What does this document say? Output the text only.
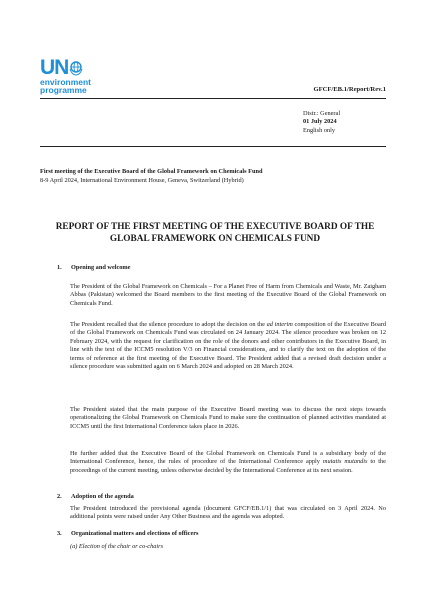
UN
environment
programme	GFCF/EB.1/Report/Rev.1
Distr.: General
01 July 2024
English only
First meeting of the Executive Board of the Global Framework on Chemicals Fund
8-9 April 2024, International Environment House, Geneva, Switzerland (Hybrid)
REPORT OF THE FIRST MEETING OF THE EXECUTIVE BOARD OF THE
GLOBAL FRAMEWORK ON CHEMICALS FUND
1. Opening and welcome
The President of the Global Framework on Chemicals – For a Planet Free of Harm from Chemicals and Waste, Mr. Zaigham Abbas (Pakistan) welcomed the Board members to the first meeting of the Executive Board of the Global Framework on Chemicals Fund.
The President recalled that the silence procedure to adopt the decision on the ad interim composition of the Executive Board of the Global Framework on Chemicals Fund was circulated on 24 January 2024. The silence procedure was broken on 12 February 2024, with the request for clarification on the role of the donors and other contributors in the Executive Board, in line with the text of the ICCM5 resolution V/3 on Financial considerations, and to clarify the text on the adoption of the terms of reference at the first meeting of the Executive Board. The President added that a revised draft decision under a silence procedure was submitted again on 6 March 2024 and adopted on 28 March 2024.
The President stated that the main purpose of the Executive Board meeting was to discuss the next steps towards operationalizing the Global Framework on Chemicals Fund to make sure the continuation of planned activities mandated at ICCM5 until the first International Conference takes place in 2026.
He further added that the Executive Board of the Global Framework on Chemicals Fund is a subsidiary body of the International Conference, hence, the rules of procedure of the International Conference apply mutatis mutandis to the proceedings of the current meeting, unless otherwise decided by the International Conference at its next session.
2. Adoption of the agenda
The President introduced the provisional agenda (document GFCF/EB.1/1) that was circulated on 3 April 2024. No additional points were raised under Any Other Business and the agenda was adopted.
3. Organizational matters and elections of officers
(a) Election of the chair or co-chairs
